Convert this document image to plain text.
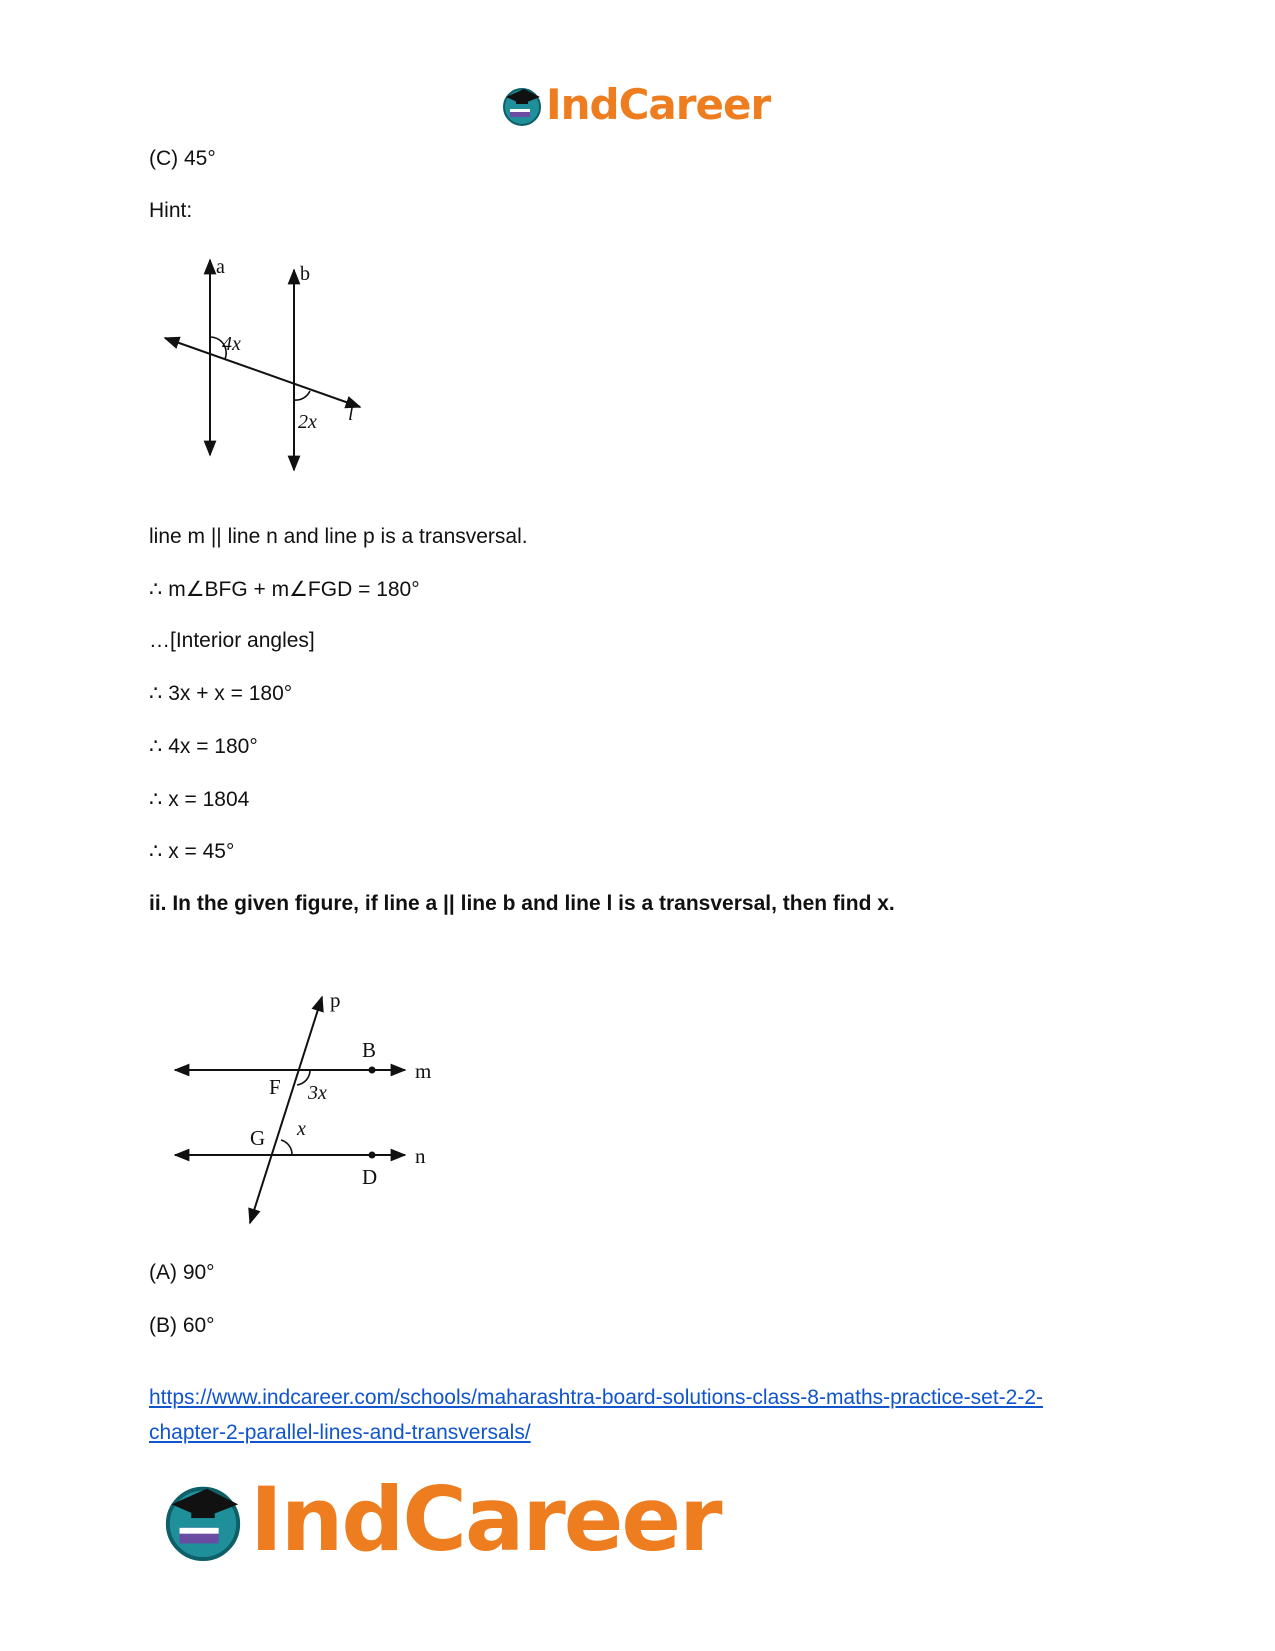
IndCareer
(C) 45°
Hint:
a	b
l
4x
2x
line m || line n and line p is a transversal.
∴ m∠BFG + m∠FGD = 180°
…[Interior angles]
∴ 3x + x = 180°
∴ 4x = 180°
∴ x = 1804
∴ x = 45°
ii. In the given figure, if line a || line b and line l is a transversal, then find x.
p
m
n
B
F
G
D
3x
x
(A) 90°
(B) 60°
https://www.indcareer.com/schools/maharashtra-board-solutions-class-8-maths-practice-set-2-2-
chapter-2-parallel-lines-and-transversals/
IndCareer
